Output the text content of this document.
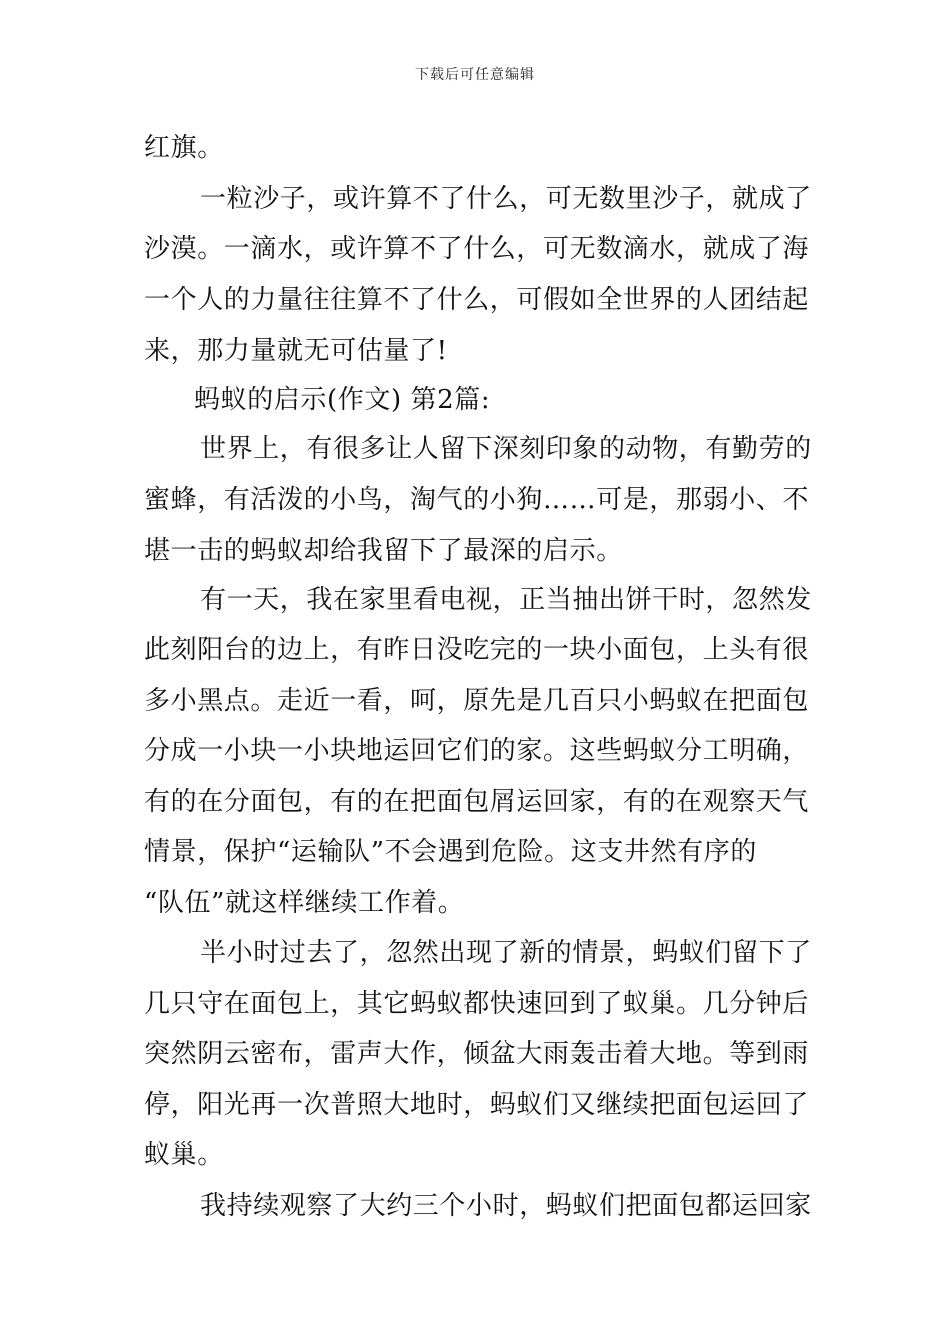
下载后可任意编辑
红旗。
一粒沙子，或许算不了什么，可无数里沙子，就成了
沙漠。一滴水，或许算不了什么，可无数滴水，就成了海
一个人的力量往往算不了什么，可假如全世界的人团结起
来，那力量就无可估量了!
蚂蚁的启示(作文) 第2篇:
世界上，有很多让人留下深刻印象的动物，有勤劳的
蜜蜂，有活泼的小鸟，淘气的小狗……可是，那弱小、不
堪一击的蚂蚁却给我留下了最深的启示。
有一天，我在家里看电视，正当抽出饼干时，忽然发
此刻阳台的边上，有昨日没吃完的一块小面包，上头有很
多小黑点。走近一看，呵，原先是几百只小蚂蚁在把面包
分成一小块一小块地运回它们的家。这些蚂蚁分工明确，
有的在分面包，有的在把面包屑运回家，有的在观察天气
情景，保护“运输队”不会遇到危险。这支井然有序的
“队伍”就这样继续工作着。
半小时过去了，忽然出现了新的情景，蚂蚁们留下了
几只守在面包上，其它蚂蚁都快速回到了蚁巢。几分钟后
突然阴云密布，雷声大作，倾盆大雨轰击着大地。等到雨
停，阳光再一次普照大地时，蚂蚁们又继续把面包运回了
蚁巢。
我持续观察了大约三个小时，蚂蚁们把面包都运回家
